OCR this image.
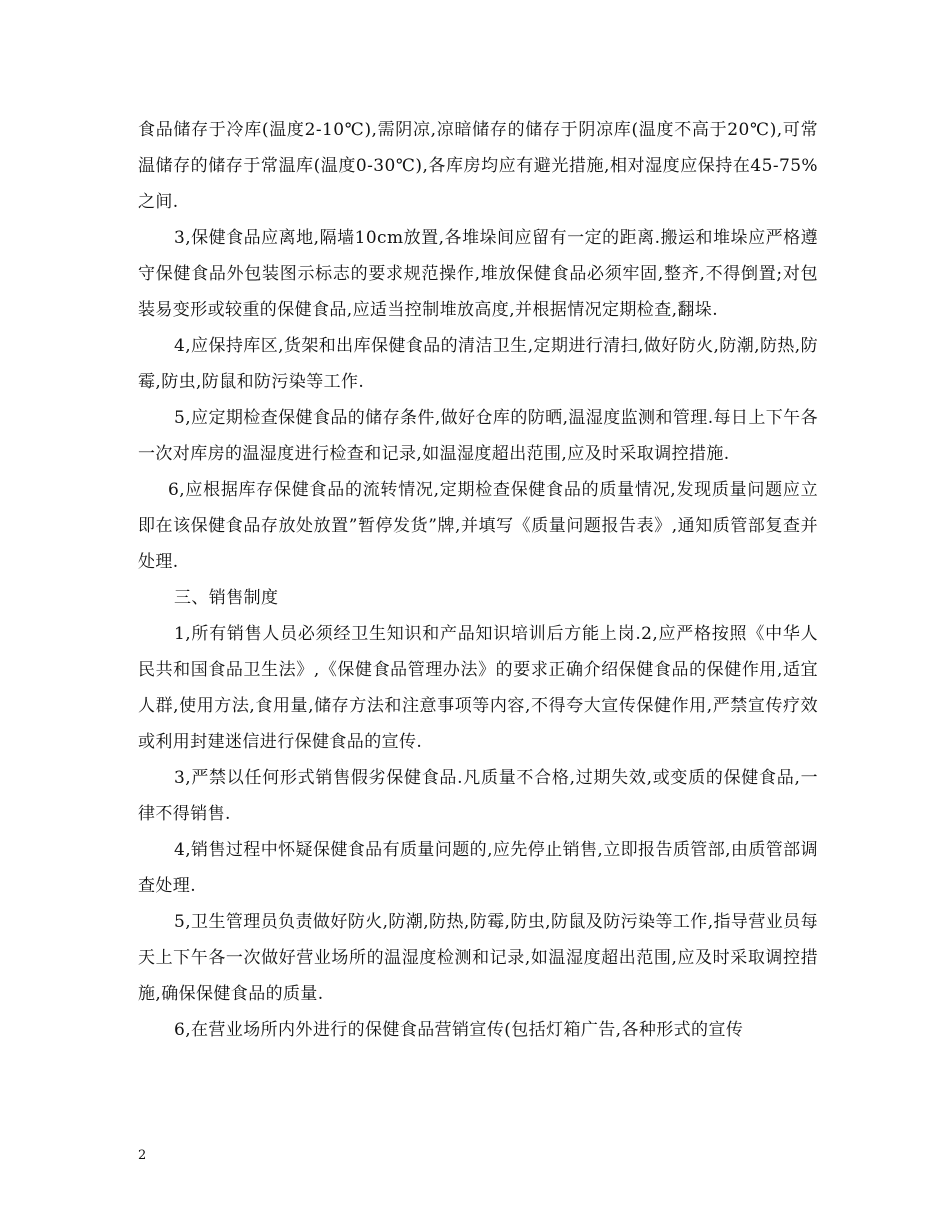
食品储存于冷库(温度2-10℃),需阴凉,凉暗储存的储存于阴凉库(温度不高于20℃),可常温储存的储存于常温库(温度0-30℃),各库房均应有避光措施,相对湿度应保持在45-75%之间.

3,保健食品应离地,隔墙10cm放置,各堆垛间应留有一定的距离.搬运和堆垛应严格遵守保健食品外包装图示标志的要求规范操作,堆放保健食品必须牢固,整齐,不得倒置;对包装易变形或较重的保健食品,应适当控制堆放高度,并根据情况定期检查,翻垛.

4,应保持库区,货架和出库保健食品的清洁卫生,定期进行清扫,做好防火,防潮,防热,防霉,防虫,防鼠和防污染等工作.

5,应定期检查保健食品的储存条件,做好仓库的防晒,温湿度监测和管理.每日上下午各一次对库房的温湿度进行检查和记录,如温湿度超出范围,应及时采取调控措施.

6,应根据库存保健食品的流转情况,定期检查保健食品的质量情况,发现质量问题应立即在该保健食品存放处放置”暂停发货”牌,并填写《质量问题报告表》,通知质管部复查并处理.

三、销售制度

1,所有销售人员必须经卫生知识和产品知识培训后方能上岗.2,应严格按照《中华人民共和国食品卫生法》,《保健食品管理办法》的要求正确介绍保健食品的保健作用,适宜人群,使用方法,食用量,储存方法和注意事项等内容,不得夸大宣传保健作用,严禁宣传疗效或利用封建迷信进行保健食品的宣传.

3,严禁以任何形式销售假劣保健食品.凡质量不合格,过期失效,或变质的保健食品,一律不得销售.

4,销售过程中怀疑保健食品有质量问题的,应先停止销售,立即报告质管部,由质管部调查处理.

5,卫生管理员负责做好防火,防潮,防热,防霉,防虫,防鼠及防污染等工作,指导营业员每天上下午各一次做好营业场所的温湿度检测和记录,如温湿度超出范围,应及时采取调控措施,确保保健食品的质量.

6,在营业场所内外进行的保健食品营销宣传(包括灯箱广告,各种形式的宣传

2
